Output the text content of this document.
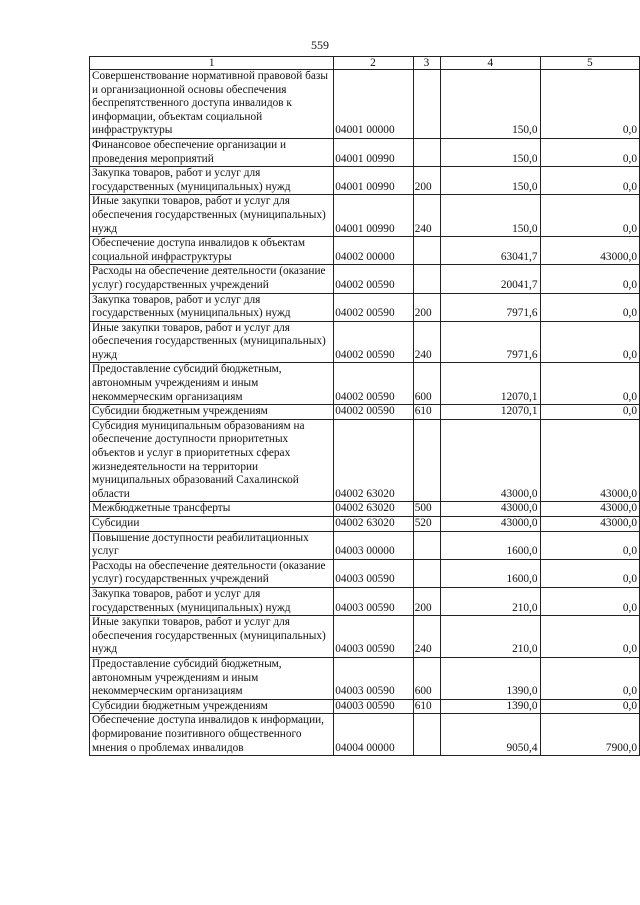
559
1	2	3	4	5
Совершенствование нормативной правовой базы и организационной основы обеспечения беспрепятственного доступа инвалидов к информации, объектам социальной инфраструктуры	04001 00000		150,0	0,0
Финансовое обеспечение организации и проведения мероприятий	04001 00990		150,0	0,0
Закупка товаров, работ и услуг для государственных (муниципальных) нужд	04001 00990	200	150,0	0,0
Иные закупки товаров, работ и услуг для обеспечения государственных (муниципальных) нужд	04001 00990	240	150,0	0,0
Обеспечение доступа инвалидов к объектам социальной инфраструктуры	04002 00000		63041,7	43000,0
Расходы на обеспечение деятельности (оказание услуг) государственных учреждений	04002 00590		20041,7	0,0
Закупка товаров, работ и услуг для государственных (муниципальных) нужд	04002 00590	200	7971,6	0,0
Иные закупки товаров, работ и услуг для обеспечения государственных (муниципальных) нужд	04002 00590	240	7971,6	0,0
Предоставление субсидий бюджетным, автономным учреждениям и иным некоммерческим организациям	04002 00590	600	12070,1	0,0
Субсидии бюджетным учреждениям	04002 00590	610	12070,1	0,0
Субсидия муниципальным образованиям на обеспечение доступности приоритетных объектов и услуг в приоритетных сферах жизнедеятельности на территории муниципальных образований Сахалинской области	04002 63020		43000,0	43000,0
Межбюджетные трансферты	04002 63020	500	43000,0	43000,0
Субсидии	04002 63020	520	43000,0	43000,0
Повышение доступности реабилитационных услуг	04003 00000		1600,0	0,0
Расходы на обеспечение деятельности (оказание услуг) государственных учреждений	04003 00590		1600,0	0,0
Закупка товаров, работ и услуг для государственных (муниципальных) нужд	04003 00590	200	210,0	0,0
Иные закупки товаров, работ и услуг для обеспечения государственных (муниципальных) нужд	04003 00590	240	210,0	0,0
Предоставление субсидий бюджетным, автономным учреждениям и иным некоммерческим организациям	04003 00590	600	1390,0	0,0
Субсидии бюджетным учреждениям	04003 00590	610	1390,0	0,0
Обеспечение доступа инвалидов к информации, формирование позитивного общественного мнения о проблемах инвалидов	04004 00000		9050,4	7900,0
